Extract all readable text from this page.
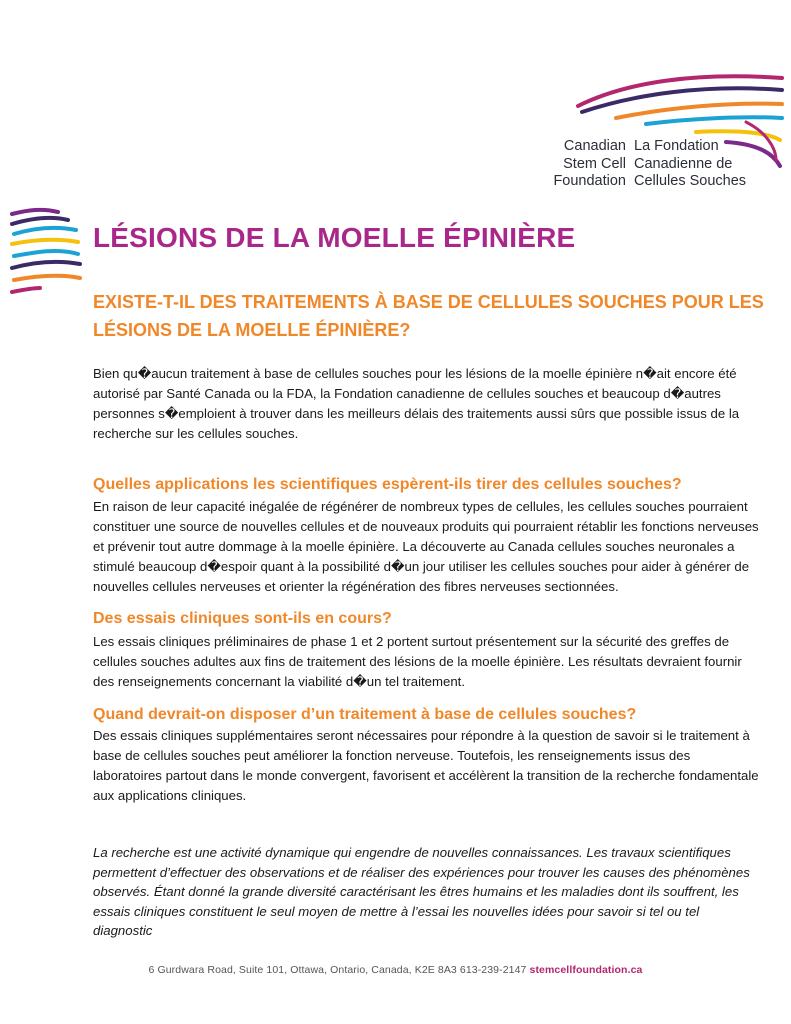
Canadian
Stem Cell
Foundation
La Fondation
Canadienne de
Cellules Souches
LÉSIONS DE LA MOELLE ÉPINIÈRE
EXISTE-T-IL DES TRAITEMENTS À BASE DE CELLULES SOUCHES POUR LES LÉSIONS DE LA MOELLE ÉPINIÈRE?

Bien qu�aucun traitement à base de cellules souches pour les lésions de la moelle épinière n�ait encore été autorisé par Santé Canada ou la FDA, la Fondation canadienne de cellules souches et beaucoup d�autres personnes s�emploient à trouver dans les meilleurs délais des traitements aussi sûrs que possible issus de la recherche sur les cellules souches.

Quelles applications les scientifiques espèrent-ils tirer des cellules souches?

En raison de leur capacité inégalée de régénérer de nombreux types de cellules, les cellules souches pourraient constituer une source de nouvelles cellules et de nouveaux produits qui pourraient rétablir les fonctions nerveuses et prévenir tout autre dommage à la moelle épinière. La découverte au Canada cellules souches neuronales a stimulé beaucoup d�espoir quant à la possibilité d�un jour utiliser les cellules souches pour aider à générer de nouvelles cellules nerveuses et orienter la régénération des fibres nerveuses sectionnées.

Des essais cliniques sont-ils en cours?

Les essais cliniques préliminaires de phase 1 et 2 portent surtout présentement sur la sécurité des greffes de cellules souches adultes aux fins de traitement des lésions de la moelle épinière. Les résultats devraient fournir des renseignements concernant la viabilité d�un tel traitement.

Quand devrait-on disposer d’un traitement à base de cellules souches?

Des essais cliniques supplémentaires seront nécessaires pour répondre à la question de savoir si le traitement à base de cellules souches peut améliorer la fonction nerveuse. Toutefois, les renseignements issus des laboratoires partout dans le monde convergent, favorisent et accélèrent la transition de la recherche fondamentale aux applications cliniques.

La recherche est une activité dynamique qui engendre de nouvelles connaissances. Les travaux scientifiques permettent d’effectuer des observations et de réaliser des expériences pour trouver les causes des phénomènes observés. Étant donné la grande diversité caractérisant les êtres humains et les maladies dont ils souffrent, les essais cliniques constituent le seul moyen de mettre à l’essai les nouvelles idées pour savoir si tel ou tel diagnostic

6 Gurdwara Road, Suite 101, Ottawa, Ontario, Canada, K2E 8A3 613-239-2147 stemcellfoundation.ca
